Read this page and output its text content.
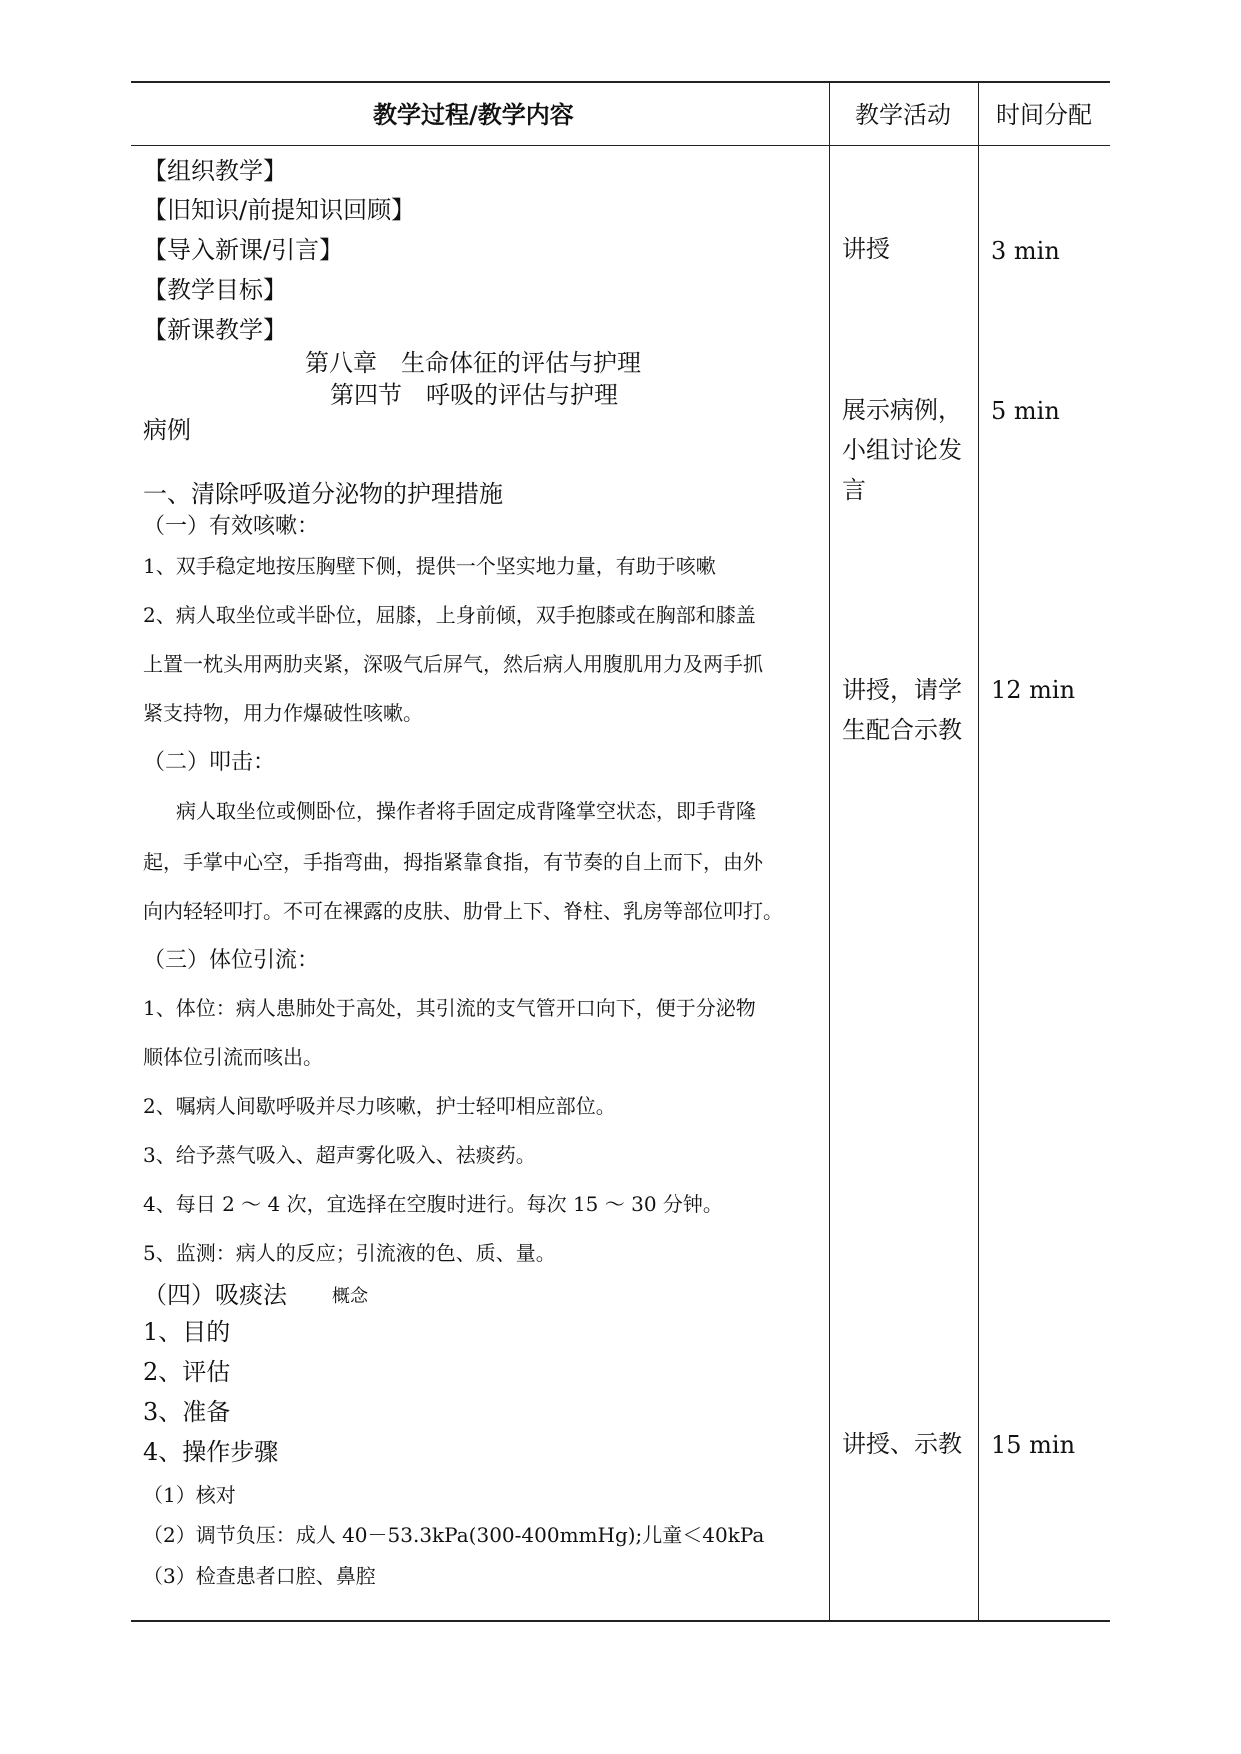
教学过程/教学内容	教学活动 时间分配
【组织教学】
【旧知识/前提知识回顾】
【导入新课/引言】
【教学目标】
【新课教学】
第八章　生命体征的评估与护理
第四节　呼吸的评估与护理
病例
一、清除呼吸道分泌物的护理措施
（一）有效咳嗽：
1、双手稳定地按压胸壁下侧，提供一个坚实地力量，有助于咳嗽
2、病人取坐位或半卧位，屈膝，上身前倾，双手抱膝或在胸部和膝盖
上置一枕头用两肋夹紧，深吸气后屏气，然后病人用腹肌用力及两手抓
紧支持物，用力作爆破性咳嗽。
（二）叩击：
病人取坐位或侧卧位，操作者将手固定成背隆掌空状态，即手背隆
起，手掌中心空，手指弯曲，拇指紧靠食指，有节奏的自上而下，由外
向内轻轻叩打。不可在裸露的皮肤、肋骨上下、脊柱、乳房等部位叩打。
（三）体位引流：
1、体位：病人患肺处于高处，其引流的支气管开口向下，便于分泌物
顺体位引流而咳出。
2、嘱病人间歇呼吸并尽力咳嗽，护士轻叩相应部位。
3、给予蒸气吸入、超声雾化吸入、祛痰药。
4、每日 2 ～ 4 次，宜选择在空腹时进行。每次 15 ～ 30 分钟。
5、监测：病人的反应；引流液的色、质、量。
（四）吸痰法	概念
1、目的
2、评估
3、准备
4、操作步骤
（1）核对
（2）调节负压：成人 40－53.3kPa(300-400mmHg);儿童＜40kPa
（3）检查患者口腔、鼻腔
讲授
展示病例，小组讨论发言
讲授，请学生配合示教
讲授、示教
3 min
5 min
12 min
15 min
